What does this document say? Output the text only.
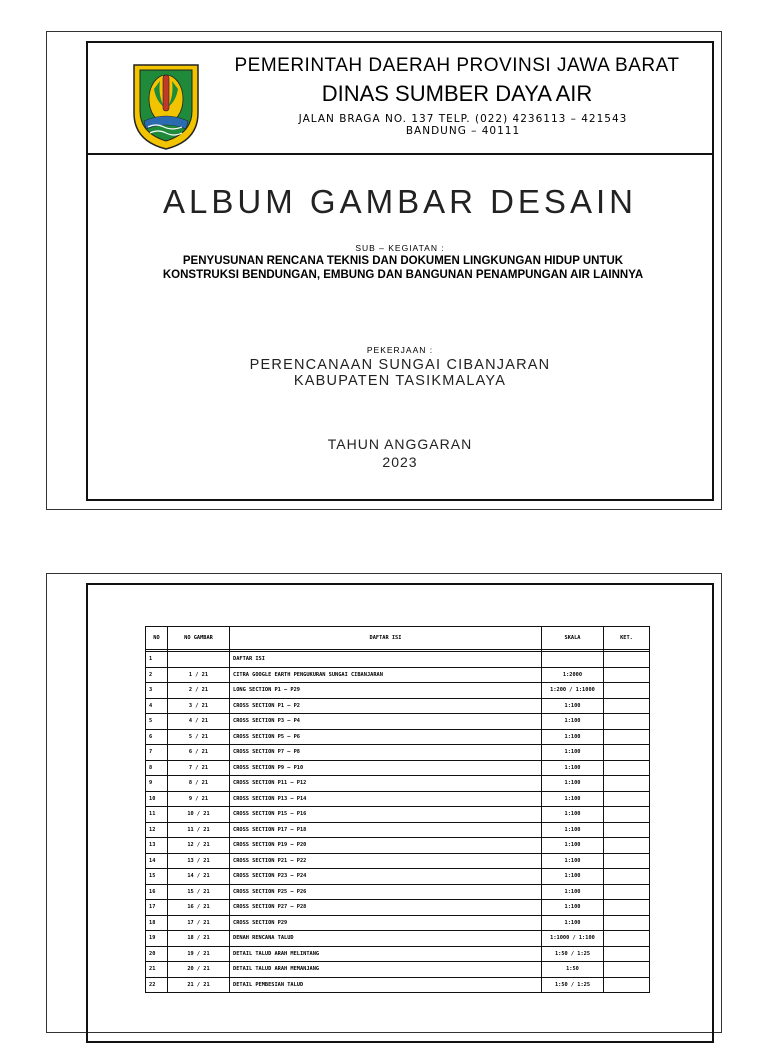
PEMERINTAH DAERAH PROVINSI JAWA BARAT
DINAS SUMBER DAYA AIR
JALAN BRAGA NO. 137 TELP. (022) 4236113 – 421543
BANDUNG – 40111
ALBUM GAMBAR DESAIN
SUB – KEGIATAN :
PENYUSUNAN RENCANA TEKNIS DAN DOKUMEN LINGKUNGAN HIDUP UNTUK KONSTRUKSI BENDUNGAN, EMBUNG DAN BANGUNAN PENAMPUNGAN AIR LAINNYA
PEKERJAAN :
PERENCANAAN SUNGAI CIBANJARAN
KABUPATEN TASIKMALAYA
TAHUN ANGGARAN
2023
NO	NO GAMBAR	DAFTAR ISI	SKALA	KET.

1		DAFTAR ISI		
2	1 / 21	CITRA GOOGLE EARTH PENGUKURAN SUNGAI CIBANJARAN	1:2000	
3	2 / 21	LONG SECTION P1 – P29	1:200 / 1:1000	
4	3 / 21	CROSS SECTION P1 – P2	1:100	
5	4 / 21	CROSS SECTION P3 – P4	1:100	
6	5 / 21	CROSS SECTION P5 – P6	1:100	
7	6 / 21	CROSS SECTION P7 – P8	1:100	
8	7 / 21	CROSS SECTION P9 – P10	1:100	
9	8 / 21	CROSS SECTION P11 – P12	1:100	
10	9 / 21	CROSS SECTION P13 – P14	1:100	
11	10 / 21	CROSS SECTION P15 – P16	1:100	
12	11 / 21	CROSS SECTION P17 – P18	1:100	
13	12 / 21	CROSS SECTION P19 – P20	1:100	
14	13 / 21	CROSS SECTION P21 – P22	1:100	
15	14 / 21	CROSS SECTION P23 – P24	1:100	
16	15 / 21	CROSS SECTION P25 – P26	1:100	
17	16 / 21	CROSS SECTION P27 – P28	1:100	
18	17 / 21	CROSS SECTION P29	1:100	
19	18 / 21	DENAH RENCANA TALUD	1:1000 / 1:100	
20	19 / 21	DETAIL TALUD ARAH MELINTANG	1:50 / 1:25	
21	20 / 21	DETAIL TALUD ARAH MEMANJANG	1:50	
22	21 / 21	DETAIL PEMBESIAN TALUD	1:50 / 1:25	
